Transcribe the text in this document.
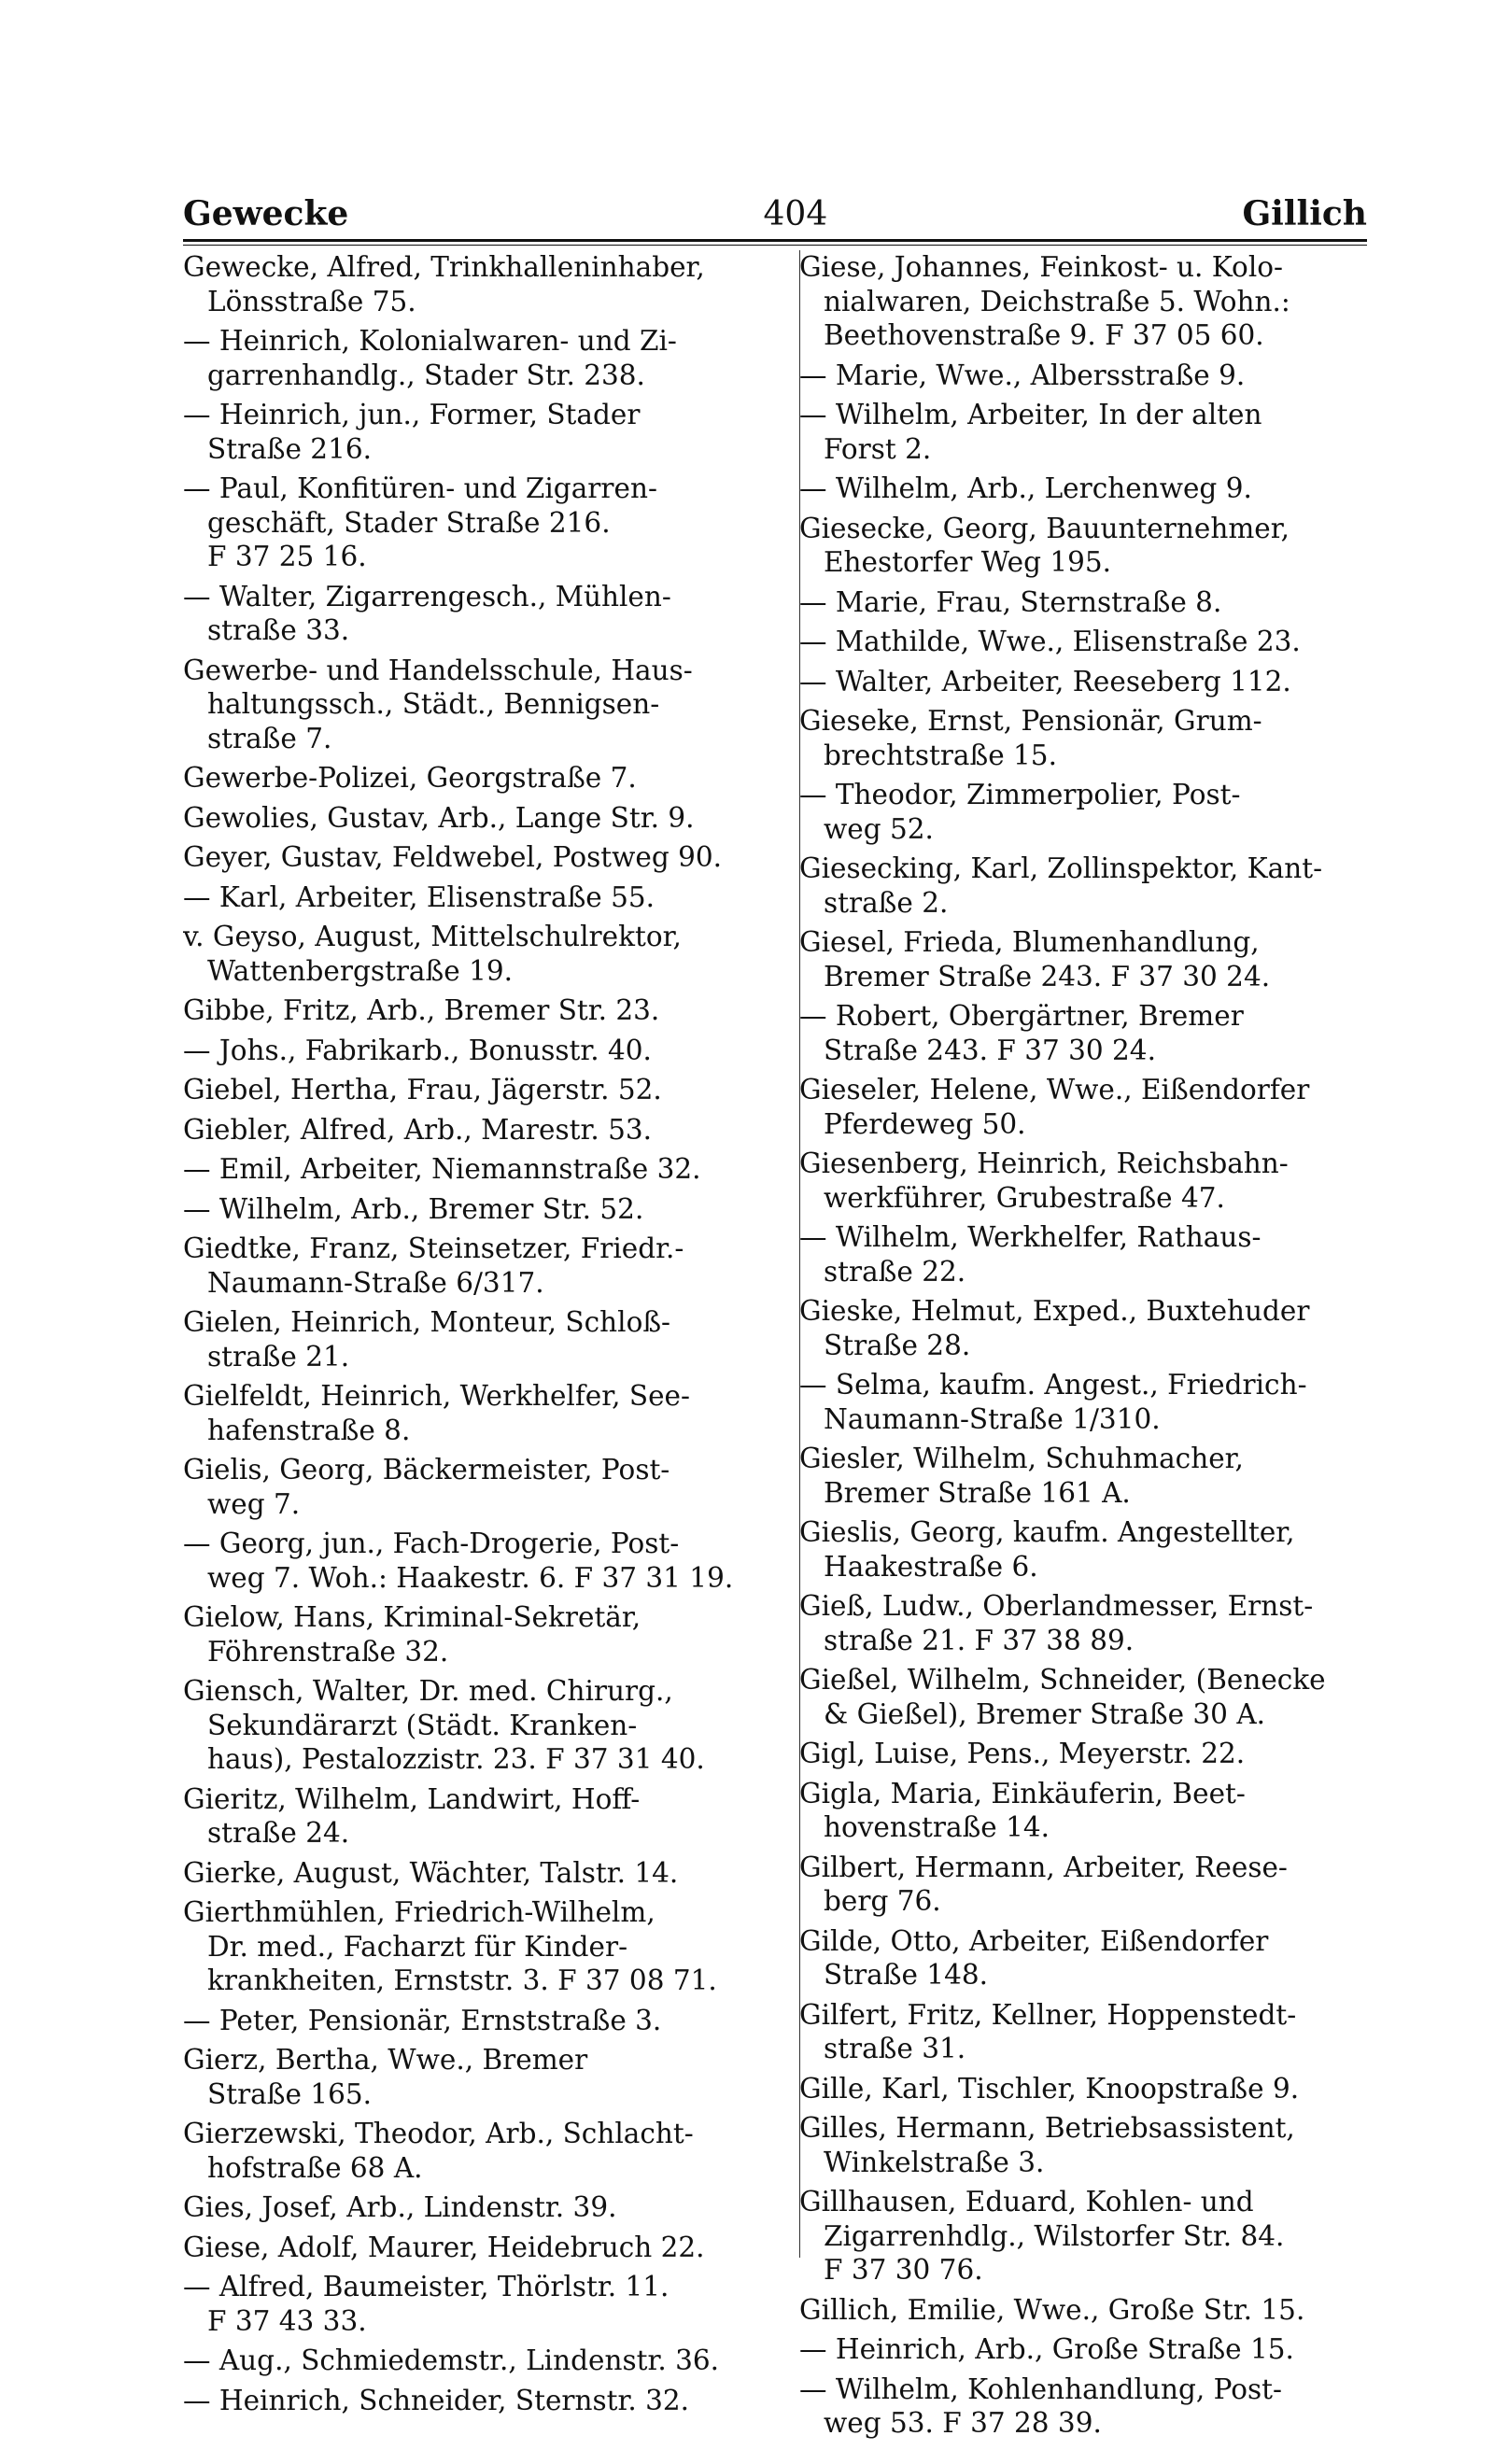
Gewecke	404	Gillich
Gewecke, Alfred, Trinkhalleninhaber,
Lönsstraße 75.
— Heinrich, Kolonialwaren- und Zi-
garrenhandlg., Stader Str. 238.
— Heinrich, jun., Former, Stader
Straße 216.
— Paul, Konfitüren- und Zigarren-
geschäft, Stader Straße 216.
F 37 25 16.
— Walter, Zigarrengesch., Mühlen-
straße 33.
Gewerbe- und Handelsschule, Haus-
haltungssch., Städt., Bennigsen-
straße 7.
Gewerbe-Polizei, Georgstraße 7.
Gewolies, Gustav, Arb., Lange Str. 9.
Geyer, Gustav, Feldwebel, Postweg 90.
— Karl, Arbeiter, Elisenstraße 55.
v. Geyso, August, Mittelschulrektor,
Wattenbergstraße 19.
Gibbe, Fritz, Arb., Bremer Str. 23.
— Johs., Fabrikarb., Bonusstr. 40.
Giebel, Hertha, Frau, Jägerstr. 52.
Giebler, Alfred, Arb., Marestr. 53.
— Emil, Arbeiter, Niemannstraße 32.
— Wilhelm, Arb., Bremer Str. 52.
Giedtke, Franz, Steinsetzer, Friedr.-
Naumann-Straße 6/317.
Gielen, Heinrich, Monteur, Schloß-
straße 21.
Gielfeldt, Heinrich, Werkhelfer, See-
hafenstraße 8.
Gielis, Georg, Bäckermeister, Post-
weg 7.
— Georg, jun., Fach-Drogerie, Post-
weg 7. Woh.: Haakestr. 6. F 37 31 19.
Gielow, Hans, Kriminal-Sekretär,
Föhrenstraße 32.
Giensch, Walter, Dr. med. Chirurg.,
Sekundärarzt (Städt. Kranken-
haus), Pestalozzistr. 23. F 37 31 40.
Gieritz, Wilhelm, Landwirt, Hoff-
straße 24.
Gierke, August, Wächter, Talstr. 14.
Gierthmühlen, Friedrich-Wilhelm,
Dr. med., Facharzt für Kinder-
krankheiten, Ernststr. 3. F 37 08 71.
— Peter, Pensionär, Ernststraße 3.
Gierz, Bertha, Wwe., Bremer
Straße 165.
Gierzewski, Theodor, Arb., Schlacht-
hofstraße 68 A.
Gies, Josef, Arb., Lindenstr. 39.
Giese, Adolf, Maurer, Heidebruch 22.
— Alfred, Baumeister, Thörlstr. 11.
F 37 43 33.
— Aug., Schmiedemstr., Lindenstr. 36.
— Heinrich, Schneider, Sternstr. 32.
Giese, Johannes, Feinkost- u. Kolo-
nialwaren, Deichstraße 5. Wohn.:
Beethovenstraße 9. F 37 05 60.
— Marie, Wwe., Albersstraße 9.
— Wilhelm, Arbeiter, In der alten
Forst 2.
— Wilhelm, Arb., Lerchenweg 9.
Giesecke, Georg, Bauunternehmer,
Ehestorfer Weg 195.
— Marie, Frau, Sternstraße 8.
— Mathilde, Wwe., Elisenstraße 23.
— Walter, Arbeiter, Reeseberg 112.
Gieseke, Ernst, Pensionär, Grum-
brechtstraße 15.
— Theodor, Zimmerpolier, Post-
weg 52.
Giesecking, Karl, Zollinspektor, Kant-
straße 2.
Giesel, Frieda, Blumenhandlung,
Bremer Straße 243. F 37 30 24.
— Robert, Obergärtner, Bremer
Straße 243. F 37 30 24.
Gieseler, Helene, Wwe., Eißendorfer
Pferdeweg 50.
Giesenberg, Heinrich, Reichsbahn-
werkführer, Grubestraße 47.
— Wilhelm, Werkhelfer, Rathaus-
straße 22.
Gieske, Helmut, Exped., Buxtehuder
Straße 28.
— Selma, kaufm. Angest., Friedrich-
Naumann-Straße 1/310.
Giesler, Wilhelm, Schuhmacher,
Bremer Straße 161 A.
Gieslis, Georg, kaufm. Angestellter,
Haakestraße 6.
Gieß, Ludw., Oberlandmesser, Ernst-
straße 21. F 37 38 89.
Gießel, Wilhelm, Schneider, (Benecke
& Gießel), Bremer Straße 30 A.
Gigl, Luise, Pens., Meyerstr. 22.
Gigla, Maria, Einkäuferin, Beet-
hovenstraße 14.
Gilbert, Hermann, Arbeiter, Reese-
berg 76.
Gilde, Otto, Arbeiter, Eißendorfer
Straße 148.
Gilfert, Fritz, Kellner, Hoppenstedt-
straße 31.
Gille, Karl, Tischler, Knoopstraße 9.
Gilles, Hermann, Betriebsassistent,
Winkelstraße 3.
Gillhausen, Eduard, Kohlen- und
Zigarrenhdlg., Wilstorfer Str. 84.
F 37 30 76.
Gillich, Emilie, Wwe., Große Str. 15.
— Heinrich, Arb., Große Straße 15.
— Wilhelm, Kohlenhandlung, Post-
weg 53. F 37 28 39.
